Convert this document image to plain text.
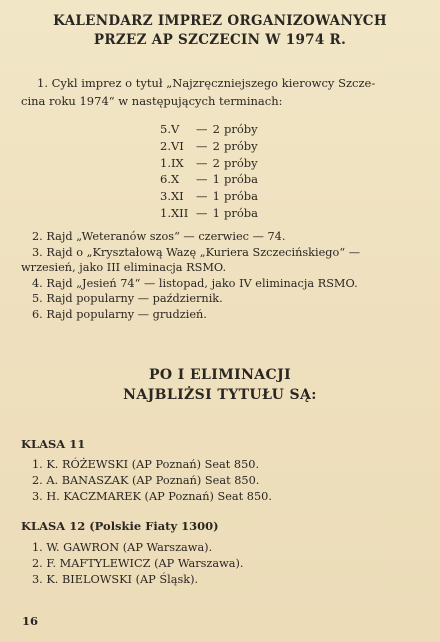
KALENDARZ IMPREZ ORGANIZOWANYCH
PRZEZ AP SZCZECIN W 1974 R.
1. Cykl imprez o tytuł „Najzręczniejszego kierowcy Szcze-
cina roku 1974“ w następujących terminach:
5.V	— 2 próby
2.VI	— 2 próby
1.IX	— 2 próby
6.X	— 1 próba
3.XI	— 1 próba
1.XII — 1 próba
2. Rajd „Weteranów szos“ — czerwiec — 74.
3. Rajd o „Kryształową Wazę „Kuriera Szczecińskiego“ —
wrzesień, jako III eliminacja RSMO.
4. Rajd „Jesień 74“ — listopad, jako IV eliminacja RSMO.
5. Rajd popularny — październik.
6. Rajd popularny — grudzień.
PO I ELIMINACJI
NAJBLIŻSI TYTUŁU SĄ:
KLASA 11
1. K. RÓŻEWSKI (AP Poznań) Seat 850.
2. A. BANASZAK (AP Poznań) Seat 850.
3. H. KACZMAREK (AP Poznań) Seat 850.
KLASA 12 (Polskie Fiaty 1300)
1. W. GAWRON (AP Warszawa).
2. F. MAFTYLEWICZ (AP Warszawa).
3. K. BIELOWSKI (AP Śląsk).
16
